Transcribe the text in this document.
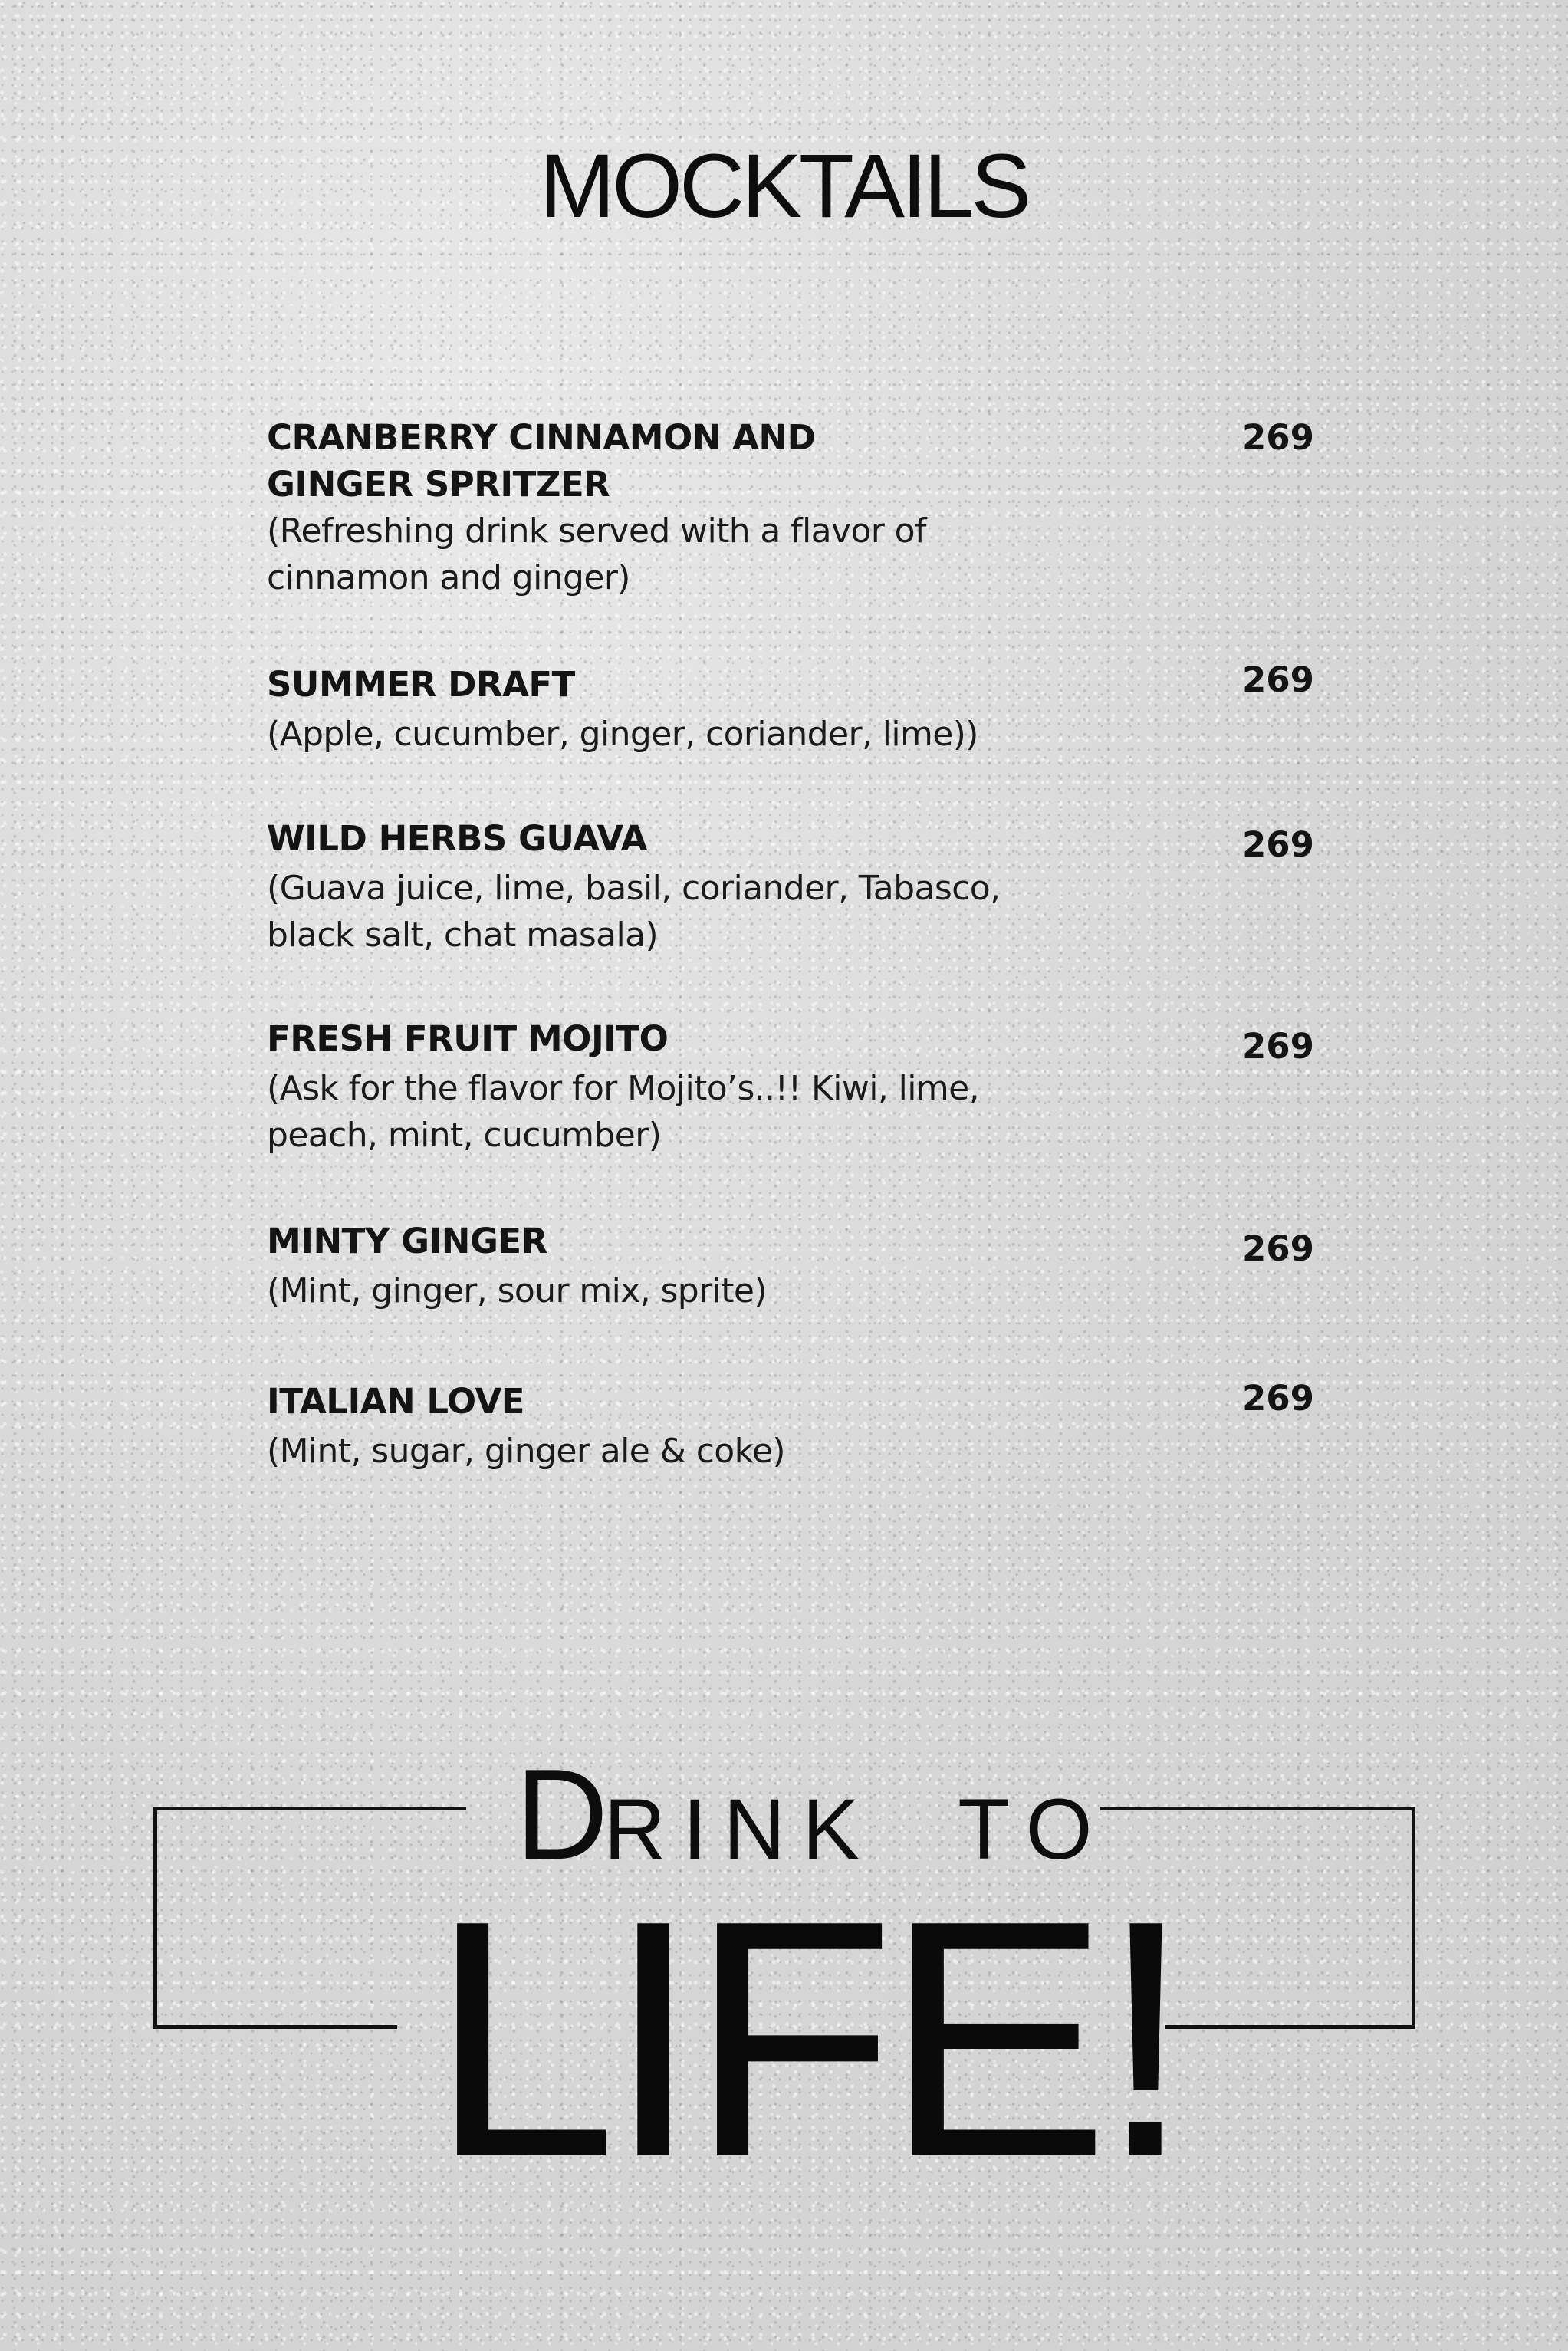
MOCKTAILS
CRANBERRY CINNAMON AND GINGER SPRITZER
(Refreshing drink served with a flavor of cinnamon and ginger)
269
SUMMER DRAFT
(Apple, cucumber, ginger, coriander, lime))
269
WILD HERBS GUAVA
(Guava juice, lime, basil, coriander, Tabasco, black salt, chat masala)
269
FRESH FRUIT MOJITO
(Ask for the flavor for Mojito’s..!! Kiwi, lime, peach, mint, cucumber)
269
MINTY GINGER
(Mint, ginger, sour mix, sprite)
269
ITALIAN LOVE
(Mint, sugar, ginger ale & coke)
269
DRINK TO
LIFE!
